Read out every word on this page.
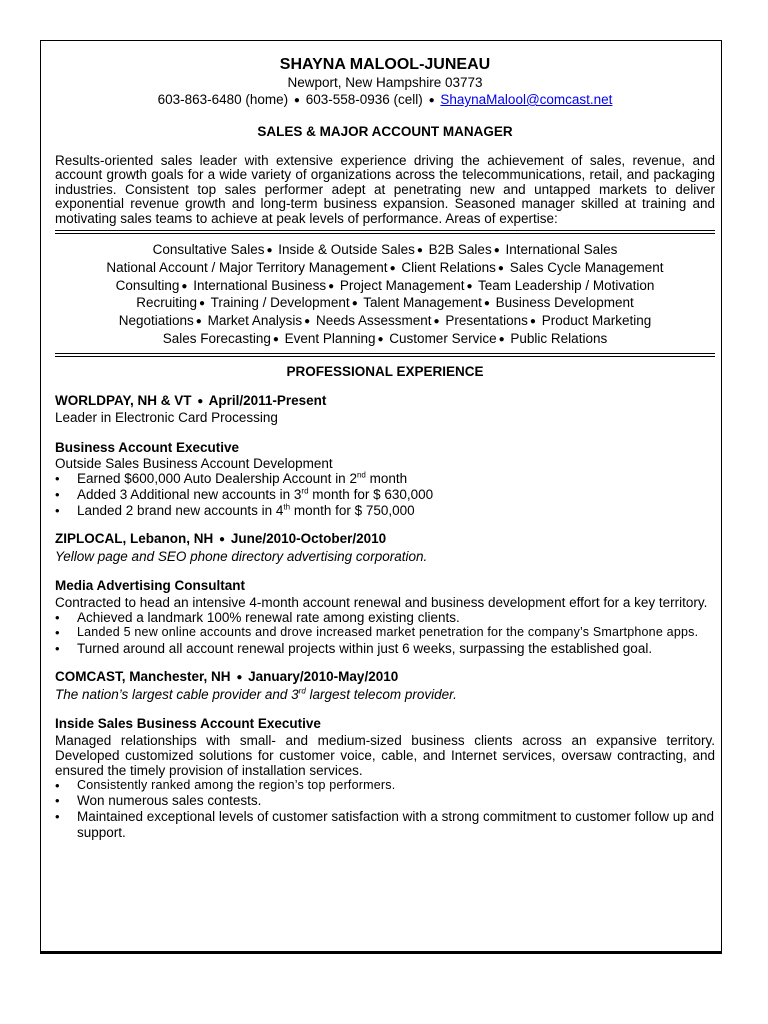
SHAYNA MALOOL-JUNEAU
Newport, New Hampshire 03773
603-863-6480 (home) ● 603-558-0936 (cell) ● ShaynaMalool@comcast.net
SALES & MAJOR ACCOUNT MANAGER
Results-oriented sales leader with extensive experience driving the achievement of sales, revenue, and account growth goals for a wide variety of organizations across the telecommunications, retail, and packaging industries. Consistent top sales performer adept at penetrating new and untapped markets to deliver exponential revenue growth and long-term business expansion. Seasoned manager skilled at training and motivating sales teams to achieve at peak levels of performance. Areas of expertise:
Consultative Sales ● Inside & Outside Sales ● B2B Sales ● International Sales
National Account / Major Territory Management ● Client Relations ● Sales Cycle Management
Consulting ● International Business ● Project Management ● Team Leadership / Motivation
Recruiting ● Training / Development ● Talent Management ● Business Development
Negotiations ● Market Analysis ● Needs Assessment ● Presentations ● Product Marketing
Sales Forecasting ● Event Planning ● Customer Service ● Public Relations
PROFESSIONAL EXPERIENCE
WORLDPAY, NH & VT ● April/2011-Present
Leader in Electronic Card Processing
Business Account Executive
Outside Sales Business Account Development
• Earned $600,000 Auto Dealership Account in 2nd month
• Added 3 Additional new accounts in 3rd month for $ 630,000
• Landed 2 brand new accounts in 4th month for $ 750,000
ZIPLOCAL, Lebanon, NH ● June/2010-October/2010
Yellow page and SEO phone directory advertising corporation.
Media Advertising Consultant
Contracted to head an intensive 4-month account renewal and business development effort for a key territory.
• Achieved a landmark 100% renewal rate among existing clients.
• Landed 5 new online accounts and drove increased market penetration for the company’s Smartphone apps.
• Turned around all account renewal projects within just 6 weeks, surpassing the established goal.
COMCAST, Manchester, NH ● January/2010-May/2010
The nation’s largest cable provider and 3rd largest telecom provider.
Inside Sales Business Account Executive
Managed relationships with small- and medium-sized business clients across an expansive territory. Developed customized solutions for customer voice, cable, and Internet services, oversaw contracting, and ensured the timely provision of installation services.
• Consistently ranked among the region’s top performers.
• Won numerous sales contests.
• Maintained exceptional levels of customer satisfaction with a strong commitment to customer follow up and support.
